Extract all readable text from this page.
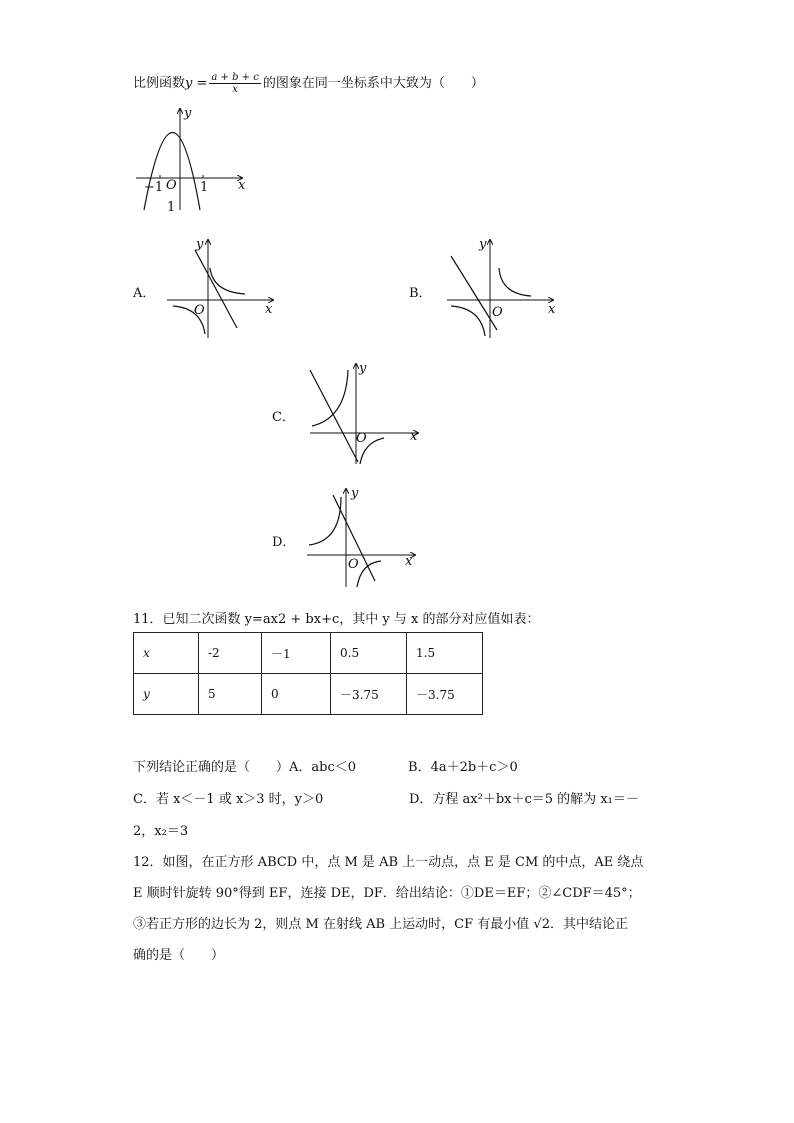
比例函数$y = \frac{a + b + c}{x}$ 的图象在同一坐标系中大致为（　　）
y
x
O
−1	1
1
A．
y
x
O
B．
y
x
O
C．
y
x
O
D．
y
x
O
11．已知二次函数 y=ax2 + bx+c，其中 y 与 x 的部分对应值如表：
x	-2	－1	0.5	1.5
y	5	0	－3.75	－3.75
下列结论正确的是（　　）A．abc＜0　　　　B．4a＋2b＋c＞0
C．若 x＜－1 或 x＞3 时，y＞0	D．方程 ax²＋bx＋c＝5 的解为 x₁＝－
2，x₂＝3
12．如图，在正方形 ABCD 中，点 M 是 AB 上一动点，点 E 是 CM 的中点，AE 绕点
E 顺时针旋转 90°得到 EF，连接 DE，DF．给出结论：①DE＝EF；②∠CDF＝45°；
③若正方形的边长为 2，则点 M 在射线 AB 上运动时，CF 有最小值 √2．其中结论正
确的是（　　）
